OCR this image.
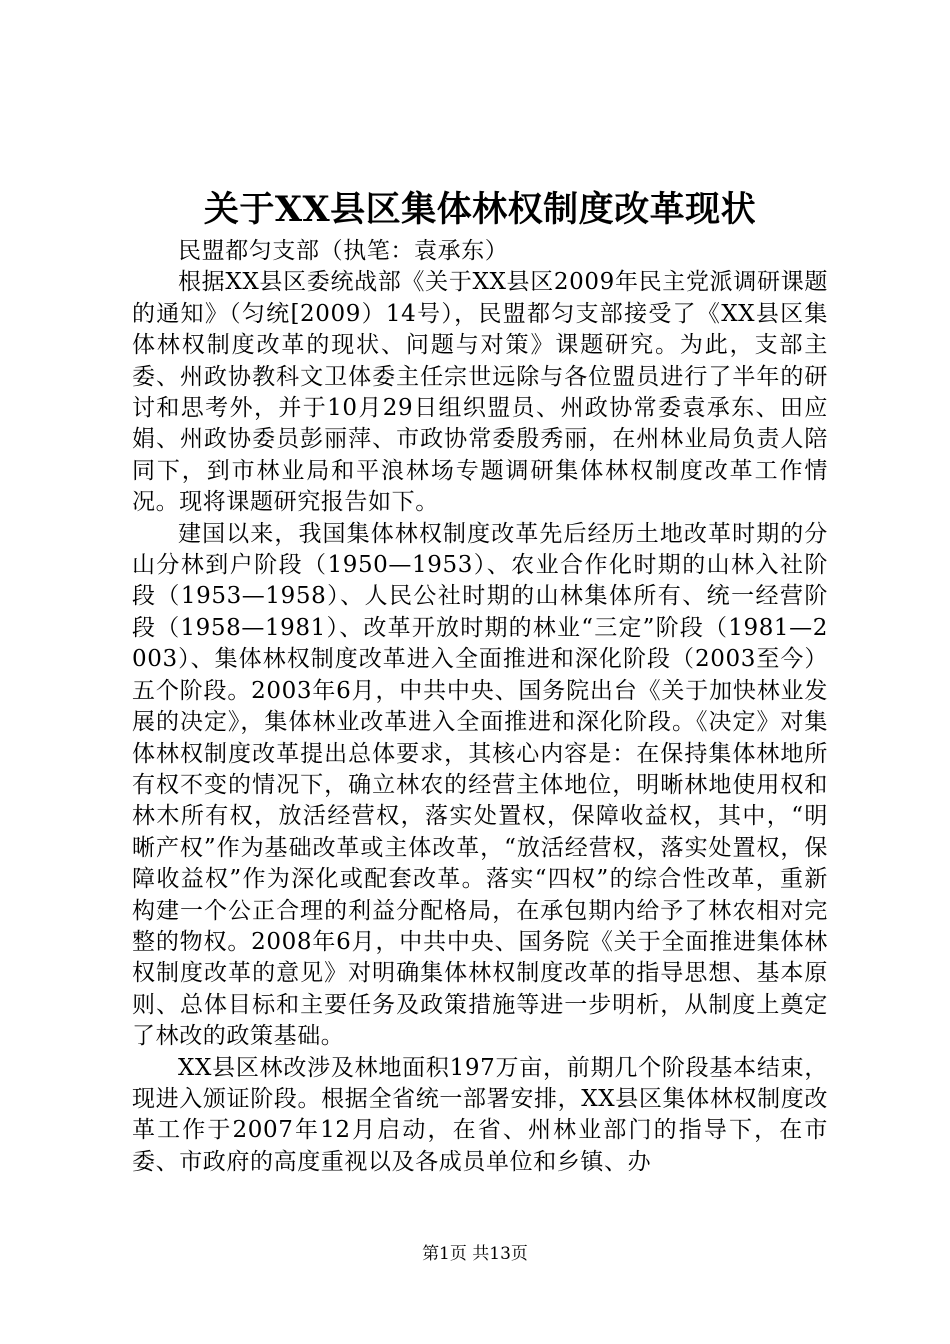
关于XX县区集体林权制度改革现状

民盟都匀支部（执笔：袁承东）

根据XX县区委统战部《关于XX县区2009年民主党派调研课题的通知》（匀统[2009）14号），民盟都匀支部接受了《XX县区集体林权制度改革的现状、问题与对策》课题研究。为此，支部主委、州政协教科文卫体委主任宗世远除与各位盟员进行了半年的研讨和思考外，并于10月29日组织盟员、州政协常委袁承东、田应娟、州政协委员彭丽萍、市政协常委殷秀丽，在州林业局负责人陪同下，到市林业局和平浪林场专题调研集体林权制度改革工作情况。现将课题研究报告如下。

建国以来，我国集体林权制度改革先后经历土地改革时期的分山分林到户阶段（1950—1953）、农业合作化时期的山林入社阶段（1953—1958）、人民公社时期的山林集体所有、统一经营阶段（1958—1981）、改革开放时期的林业“三定”阶段（1981—2003）、集体林权制度改革进入全面推进和深化阶段（2003至今）五个阶段。2003年6月，中共中央、国务院出台《关于加快林业发展的决定》，集体林业改革进入全面推进和深化阶段。《决定》对集体林权制度改革提出总体要求，其核心内容是：在保持集体林地所有权不变的情况下，确立林农的经营主体地位，明晰林地使用权和林木所有权，放活经营权，落实处置权，保障收益权，其中，“明晰产权”作为基础改革或主体改革，“放活经营权，落实处置权，保障收益权”作为深化或配套改革。落实“四权”的综合性改革，重新构建一个公正合理的利益分配格局，在承包期内给予了林农相对完整的物权。2008年6月，中共中央、国务院《关于全面推进集体林权制度改革的意见》对明确集体林权制度改革的指导思想、基本原则、总体目标和主要任务及政策措施等进一步明析，从制度上奠定了林改的政策基础。

XX县区林改涉及林地面积197万亩，前期几个阶段基本结束，现进入颁证阶段。根据全省统一部署安排，XX县区集体林权制度改革工作于2007年12月启动，在省、州林业部门的指导下，在市委、市政府的高度重视以及各成员单位和乡镇、办

第1页 共13页
